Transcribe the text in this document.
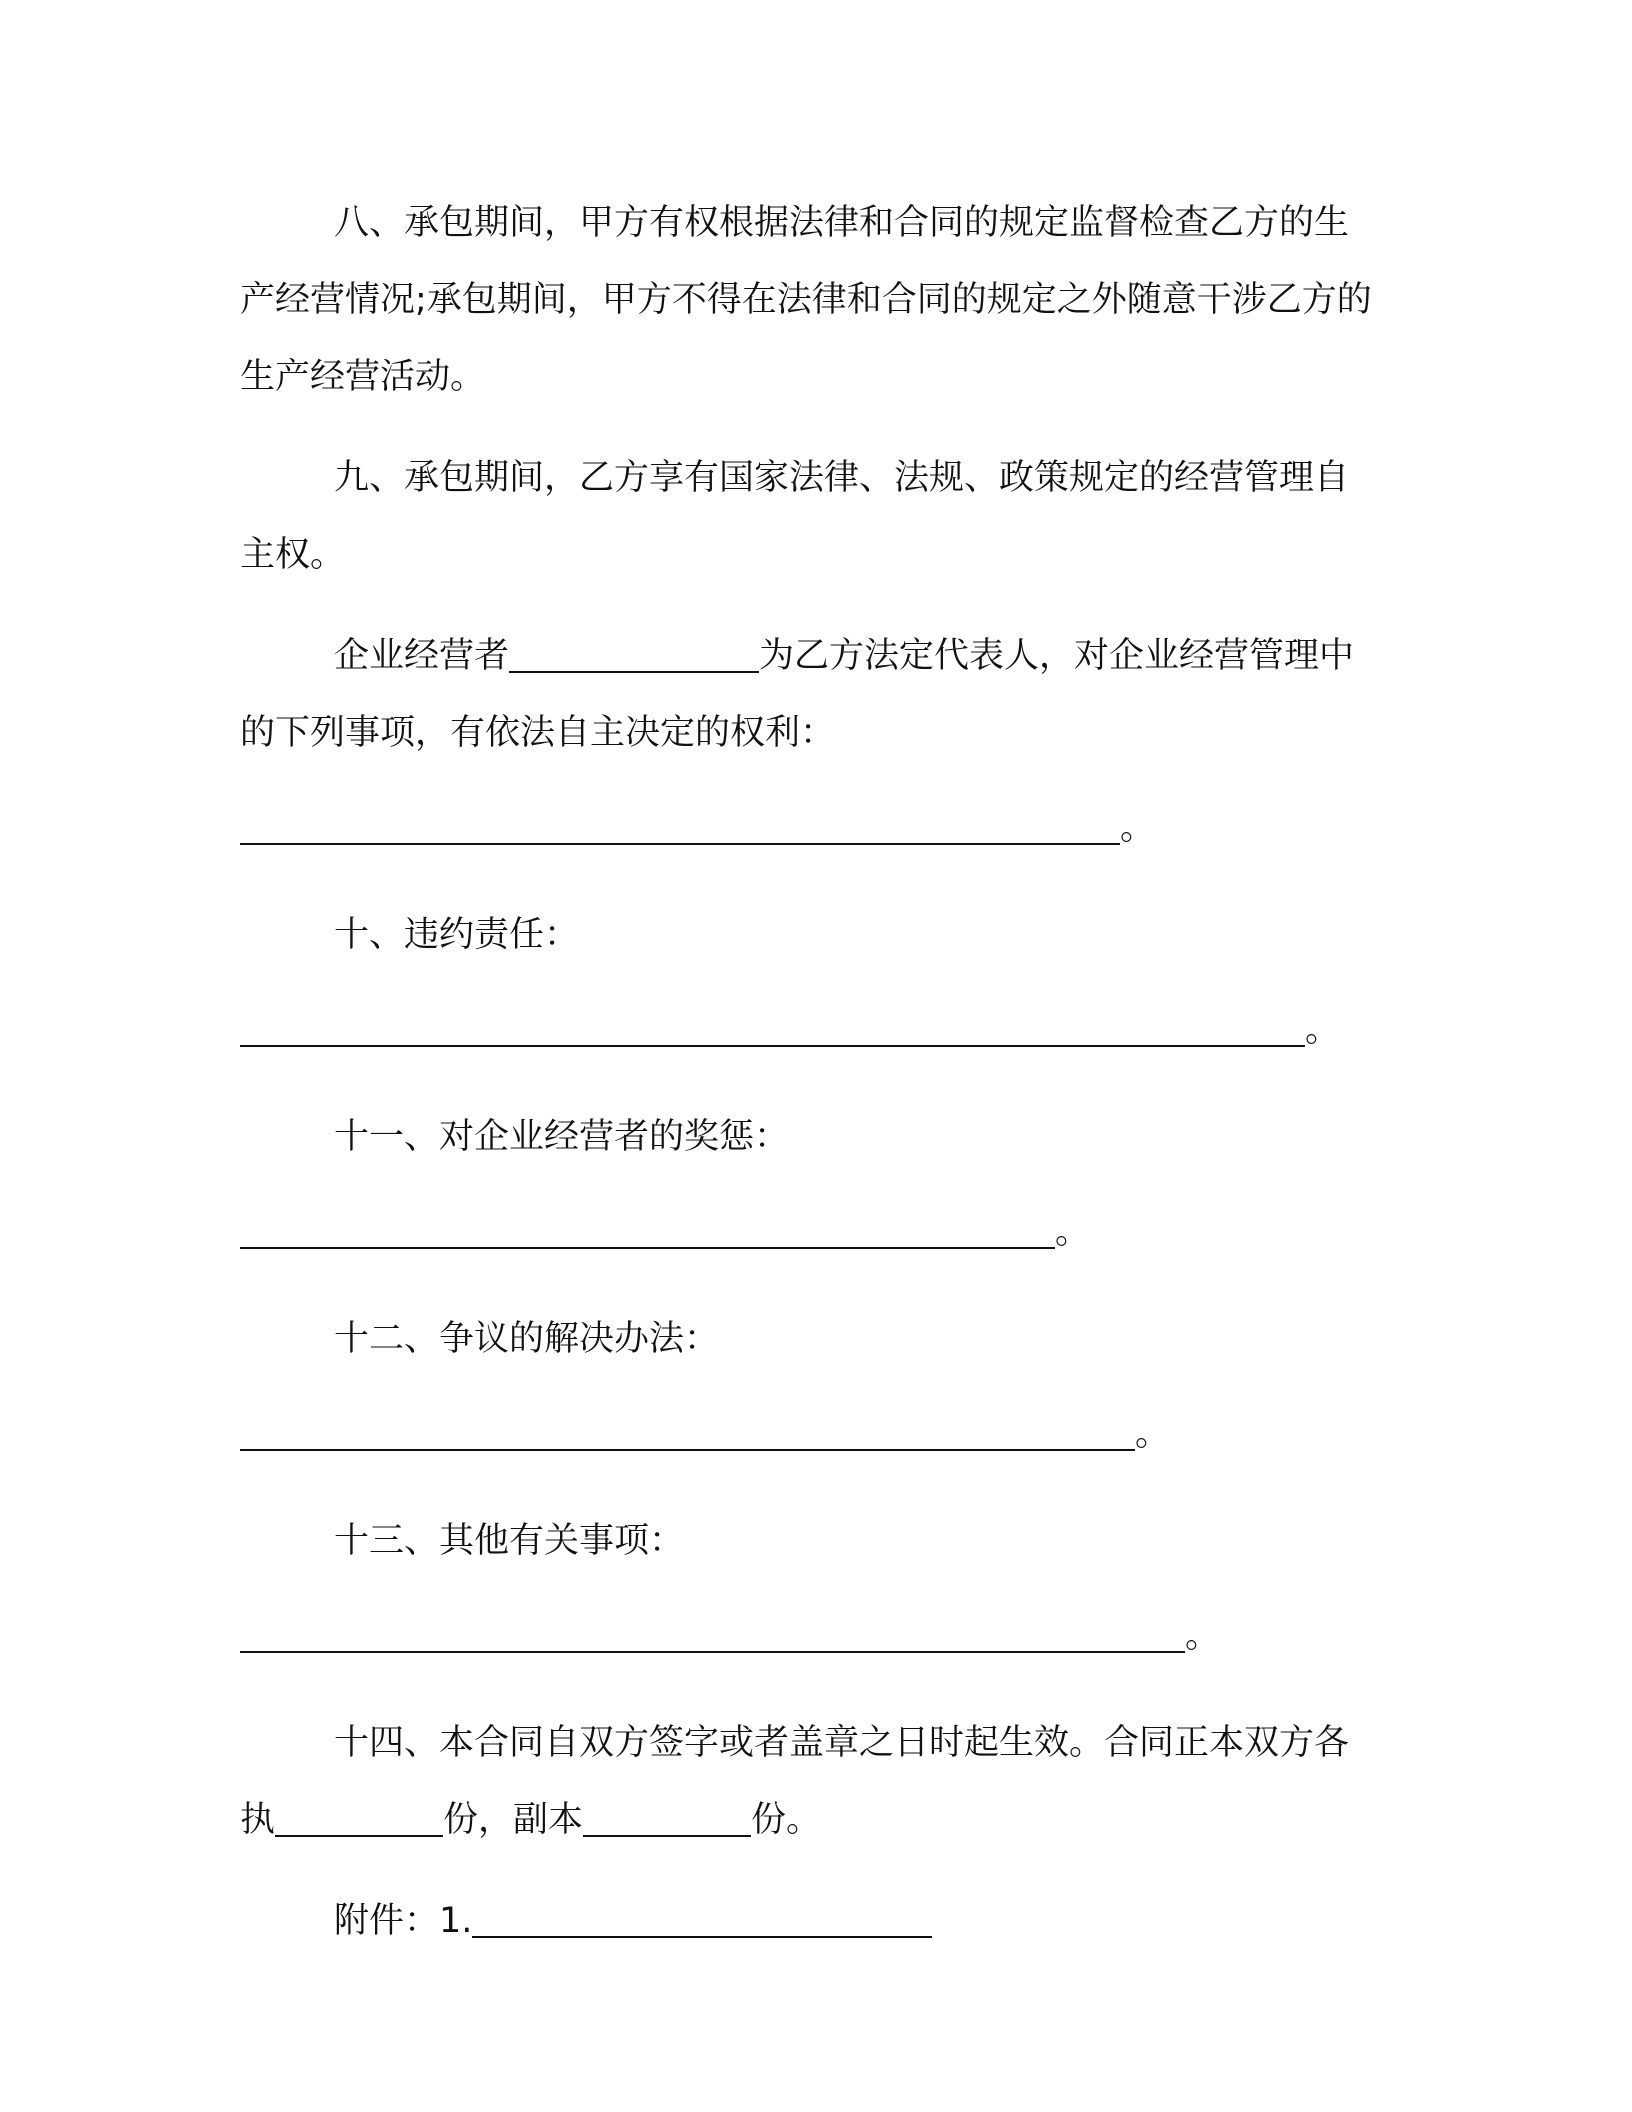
八、承包期间，甲方有权根据法律和合同的规定监督检查乙方的生产经营情况;承包期间，甲方不得在法律和合同的规定之外随意干涉乙方的生产经营活动。

九、承包期间，乙方享有国家法律、法规、政策规定的经营管理自主权。

企业经营者	为乙方法定代表人，对企业经营管理中的下列事项，有依法自主决定的权利：

。

十、违约责任：

。

十一、对企业经营者的奖惩：

。

十二、争议的解决办法：

。

十三、其他有关事项：

。

十四、本合同自双方签字或者盖章之日时起生效。合同正本双方各执	份，副本	份。

附件：1.
